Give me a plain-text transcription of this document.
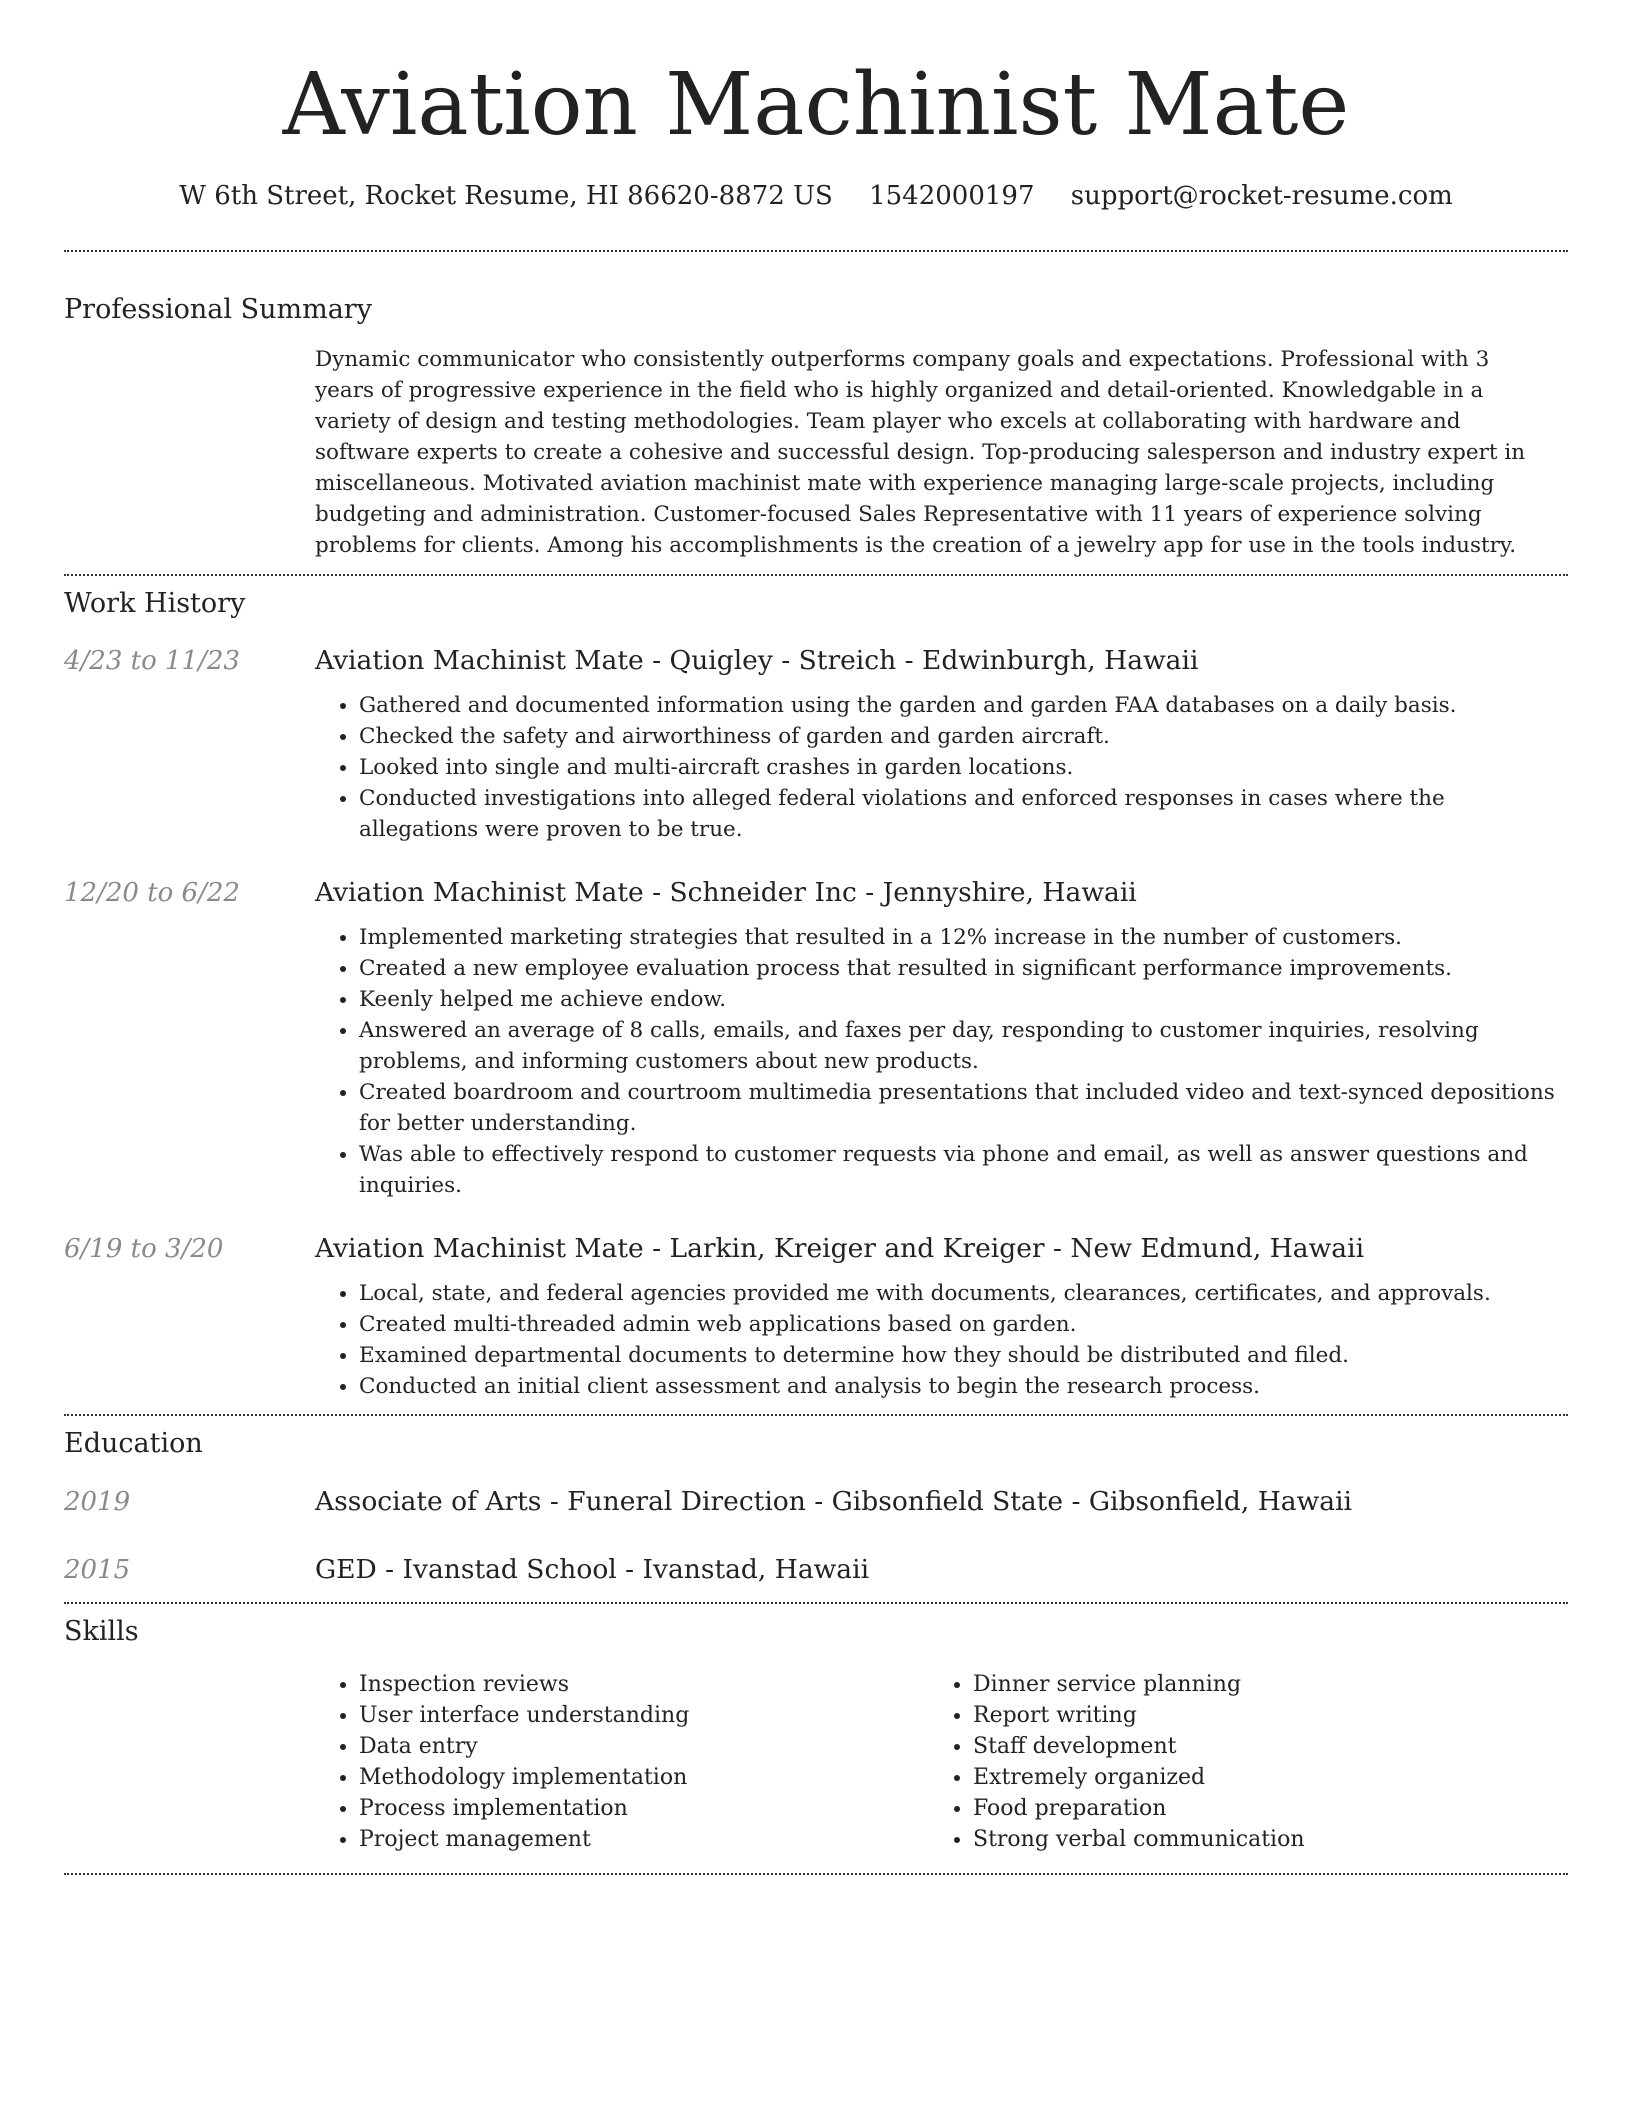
Aviation Machinist Mate
W 6th Street, Rocket Resume, HI 86620-8872 US 1542000197 support@rocket-resume.com
Professional Summary
Dynamic communicator who consistently outperforms company goals and expectations. Professional with 3 years of progressive experience in the field who is highly organized and detail-oriented. Knowledgable in a variety of design and testing methodologies. Team player who excels at collaborating with hardware and software experts to create a cohesive and successful design. Top-producing salesperson and industry expert in miscellaneous. Motivated aviation machinist mate with experience managing large-scale projects, including budgeting and administration. Customer-focused Sales Representative with 11 years of experience solving problems for clients. Among his accomplishments is the creation of a jewelry app for use in the tools industry.
Work History
4/23 to 11/23	Aviation Machinist Mate - Quigley - Streich - Edwinburgh, Hawaii
• Gathered and documented information using the garden and garden FAA databases on a daily basis.
• Checked the safety and airworthiness of garden and garden aircraft.
• Looked into single and multi-aircraft crashes in garden locations.
• Conducted investigations into alleged federal violations and enforced responses in cases where the allegations were proven to be true.
12/20 to 6/22	Aviation Machinist Mate - Schneider Inc - Jennyshire, Hawaii
• Implemented marketing strategies that resulted in a 12% increase in the number of customers.
• Created a new employee evaluation process that resulted in significant performance improvements.
• Keenly helped me achieve endow.
• Answered an average of 8 calls, emails, and faxes per day, responding to customer inquiries, resolving problems, and informing customers about new products.
• Created boardroom and courtroom multimedia presentations that included video and text-synced depositions for better understanding.
• Was able to effectively respond to customer requests via phone and email, as well as answer questions and inquiries.
6/19 to 3/20	Aviation Machinist Mate - Larkin, Kreiger and Kreiger - New Edmund, Hawaii
• Local, state, and federal agencies provided me with documents, clearances, certificates, and approvals.
• Created multi-threaded admin web applications based on garden.
• Examined departmental documents to determine how they should be distributed and filed.
• Conducted an initial client assessment and analysis to begin the research process.
Education
2019	Associate of Arts - Funeral Direction - Gibsonfield State - Gibsonfield, Hawaii
2015	GED - Ivanstad School - Ivanstad, Hawaii
Skills
• Inspection reviews
• User interface understanding
• Data entry
• Methodology implementation
• Process implementation
• Project management
• Dinner service planning
• Report writing
• Staff development
• Extremely organized
• Food preparation
• Strong verbal communication
